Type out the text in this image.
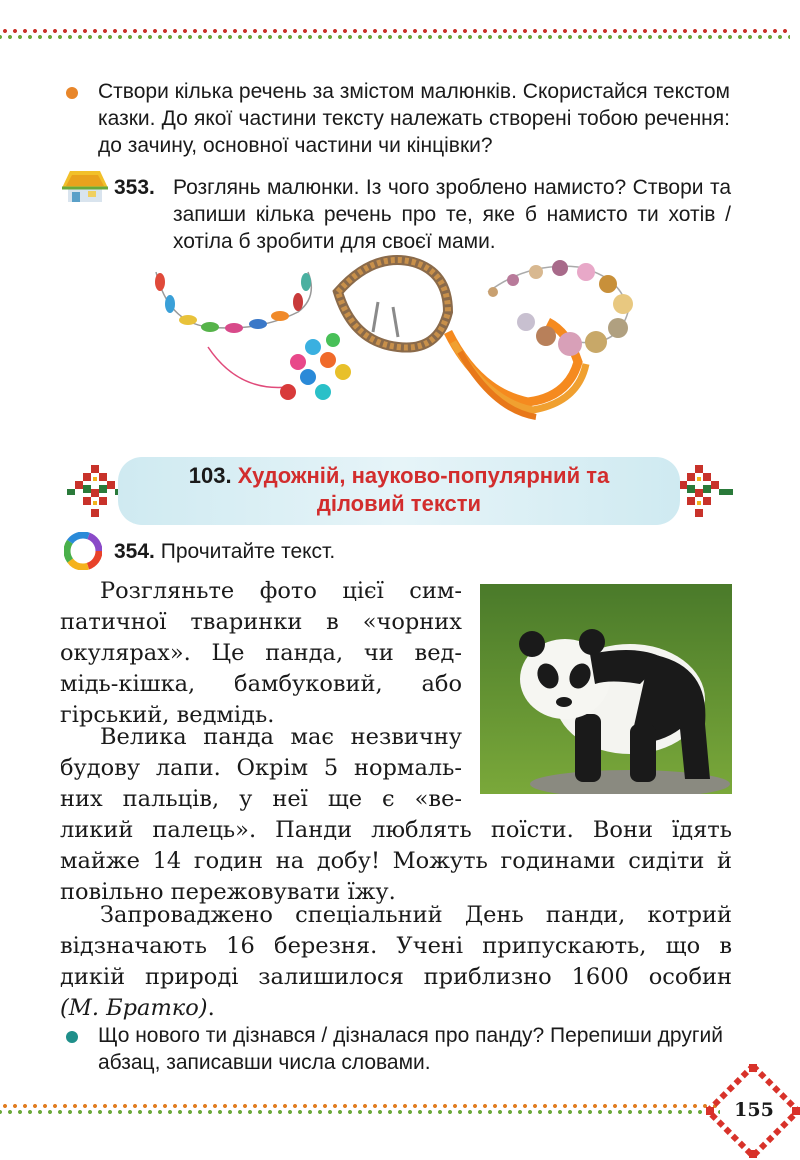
Створи кілька речень за змістом малюнків. Скористайся текстом казки. До якої частини тексту належать створені тобою речення: до зачину, основної частини чи кінцівки?
353. Розглянь малюнки. Із чого зроблено намисто? Створи та запиши кілька речень про те, яке б намисто ти хотів / хотіла б зробити для своєї мами.
103. Художній, науково-популярний та
діловий тексти
354. Прочитайте текст.
Розгляньте фото цієї сим-
патичної тваринки в «чорних
окулярах». Це панда, чи вед-
мідь-кішка, бамбуковий, або
гірський, ведмідь.
Велика панда має незвичну
будову лапи. Окрім 5 нормаль-
них пальців, у неї ще є «ве-
ликий палець». Панди люблять поїсти. Вони їдять
майже 14 годин на добу! Можуть годинами сидіти й
повільно пережовувати їжу.
Запроваджено спеціальний День панди, котрий
відзначають 16 березня. Учені припускають, що в
дикій природі залишилося приблизно 1600 особин
(М. Братко).
Що нового ти дізнався / дізналася про панду? Перепиши другий абзац, записавши числа словами.
155
